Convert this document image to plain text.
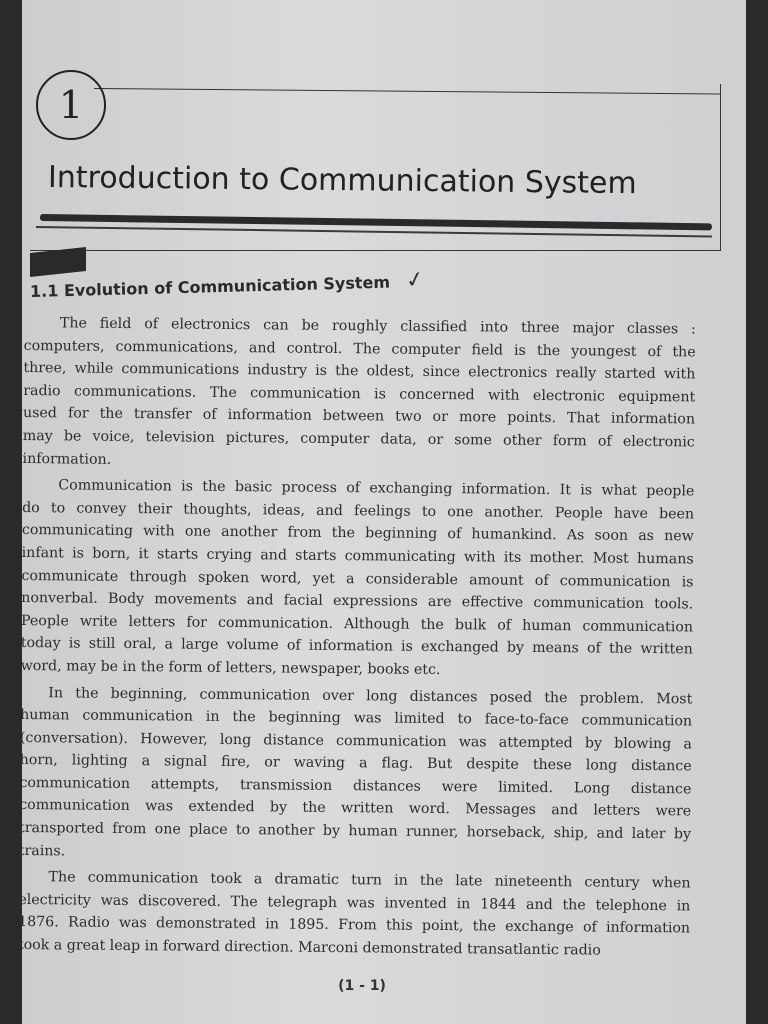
1
Introduction to Communication System
1.1 Evolution of Communication System ✓

The field of electronics can be roughly classified into three major classes :
computers, communications, and control. The computer field is the youngest of the
three, while communications industry is the oldest, since electronics really started with
radio communications. The communication is concerned with electronic equipment
used for the transfer of information between two or more points. That information
may be voice, television pictures, computer data, or some other form of electronic
information.

Communication is the basic process of exchanging information. It is what people
do to convey their thoughts, ideas, and feelings to one another. People have been
communicating with one another from the beginning of humankind. As soon as new
infant is born, it starts crying and starts communicating with its mother. Most humans
communicate through spoken word, yet a considerable amount of communication is
nonverbal. Body movements and facial expressions are effective communication tools.
People write letters for communication. Although the bulk of human communication
today is still oral, a large volume of information is exchanged by means of the written
word, may be in the form of letters, newspaper, books etc.

In the beginning, communication over long distances posed the problem. Most
human communication in the beginning was limited to face-to-face communication
(conversation). However, long distance communication was attempted by blowing a
horn, lighting a signal fire, or waving a flag. But despite these long distance
communication attempts, transmission distances were limited. Long distance
communication was extended by the written word. Messages and letters were
transported from one place to another by human runner, horseback, ship, and later by
trains.

The communication took a dramatic turn in the late nineteenth century when
electricity was discovered. The telegraph was invented in 1844 and the telephone in
1876. Radio was demonstrated in 1895. From this point, the exchange of information
took a great leap in forward direction. Marconi demonstrated transatlantic radio

(1 - 1)
